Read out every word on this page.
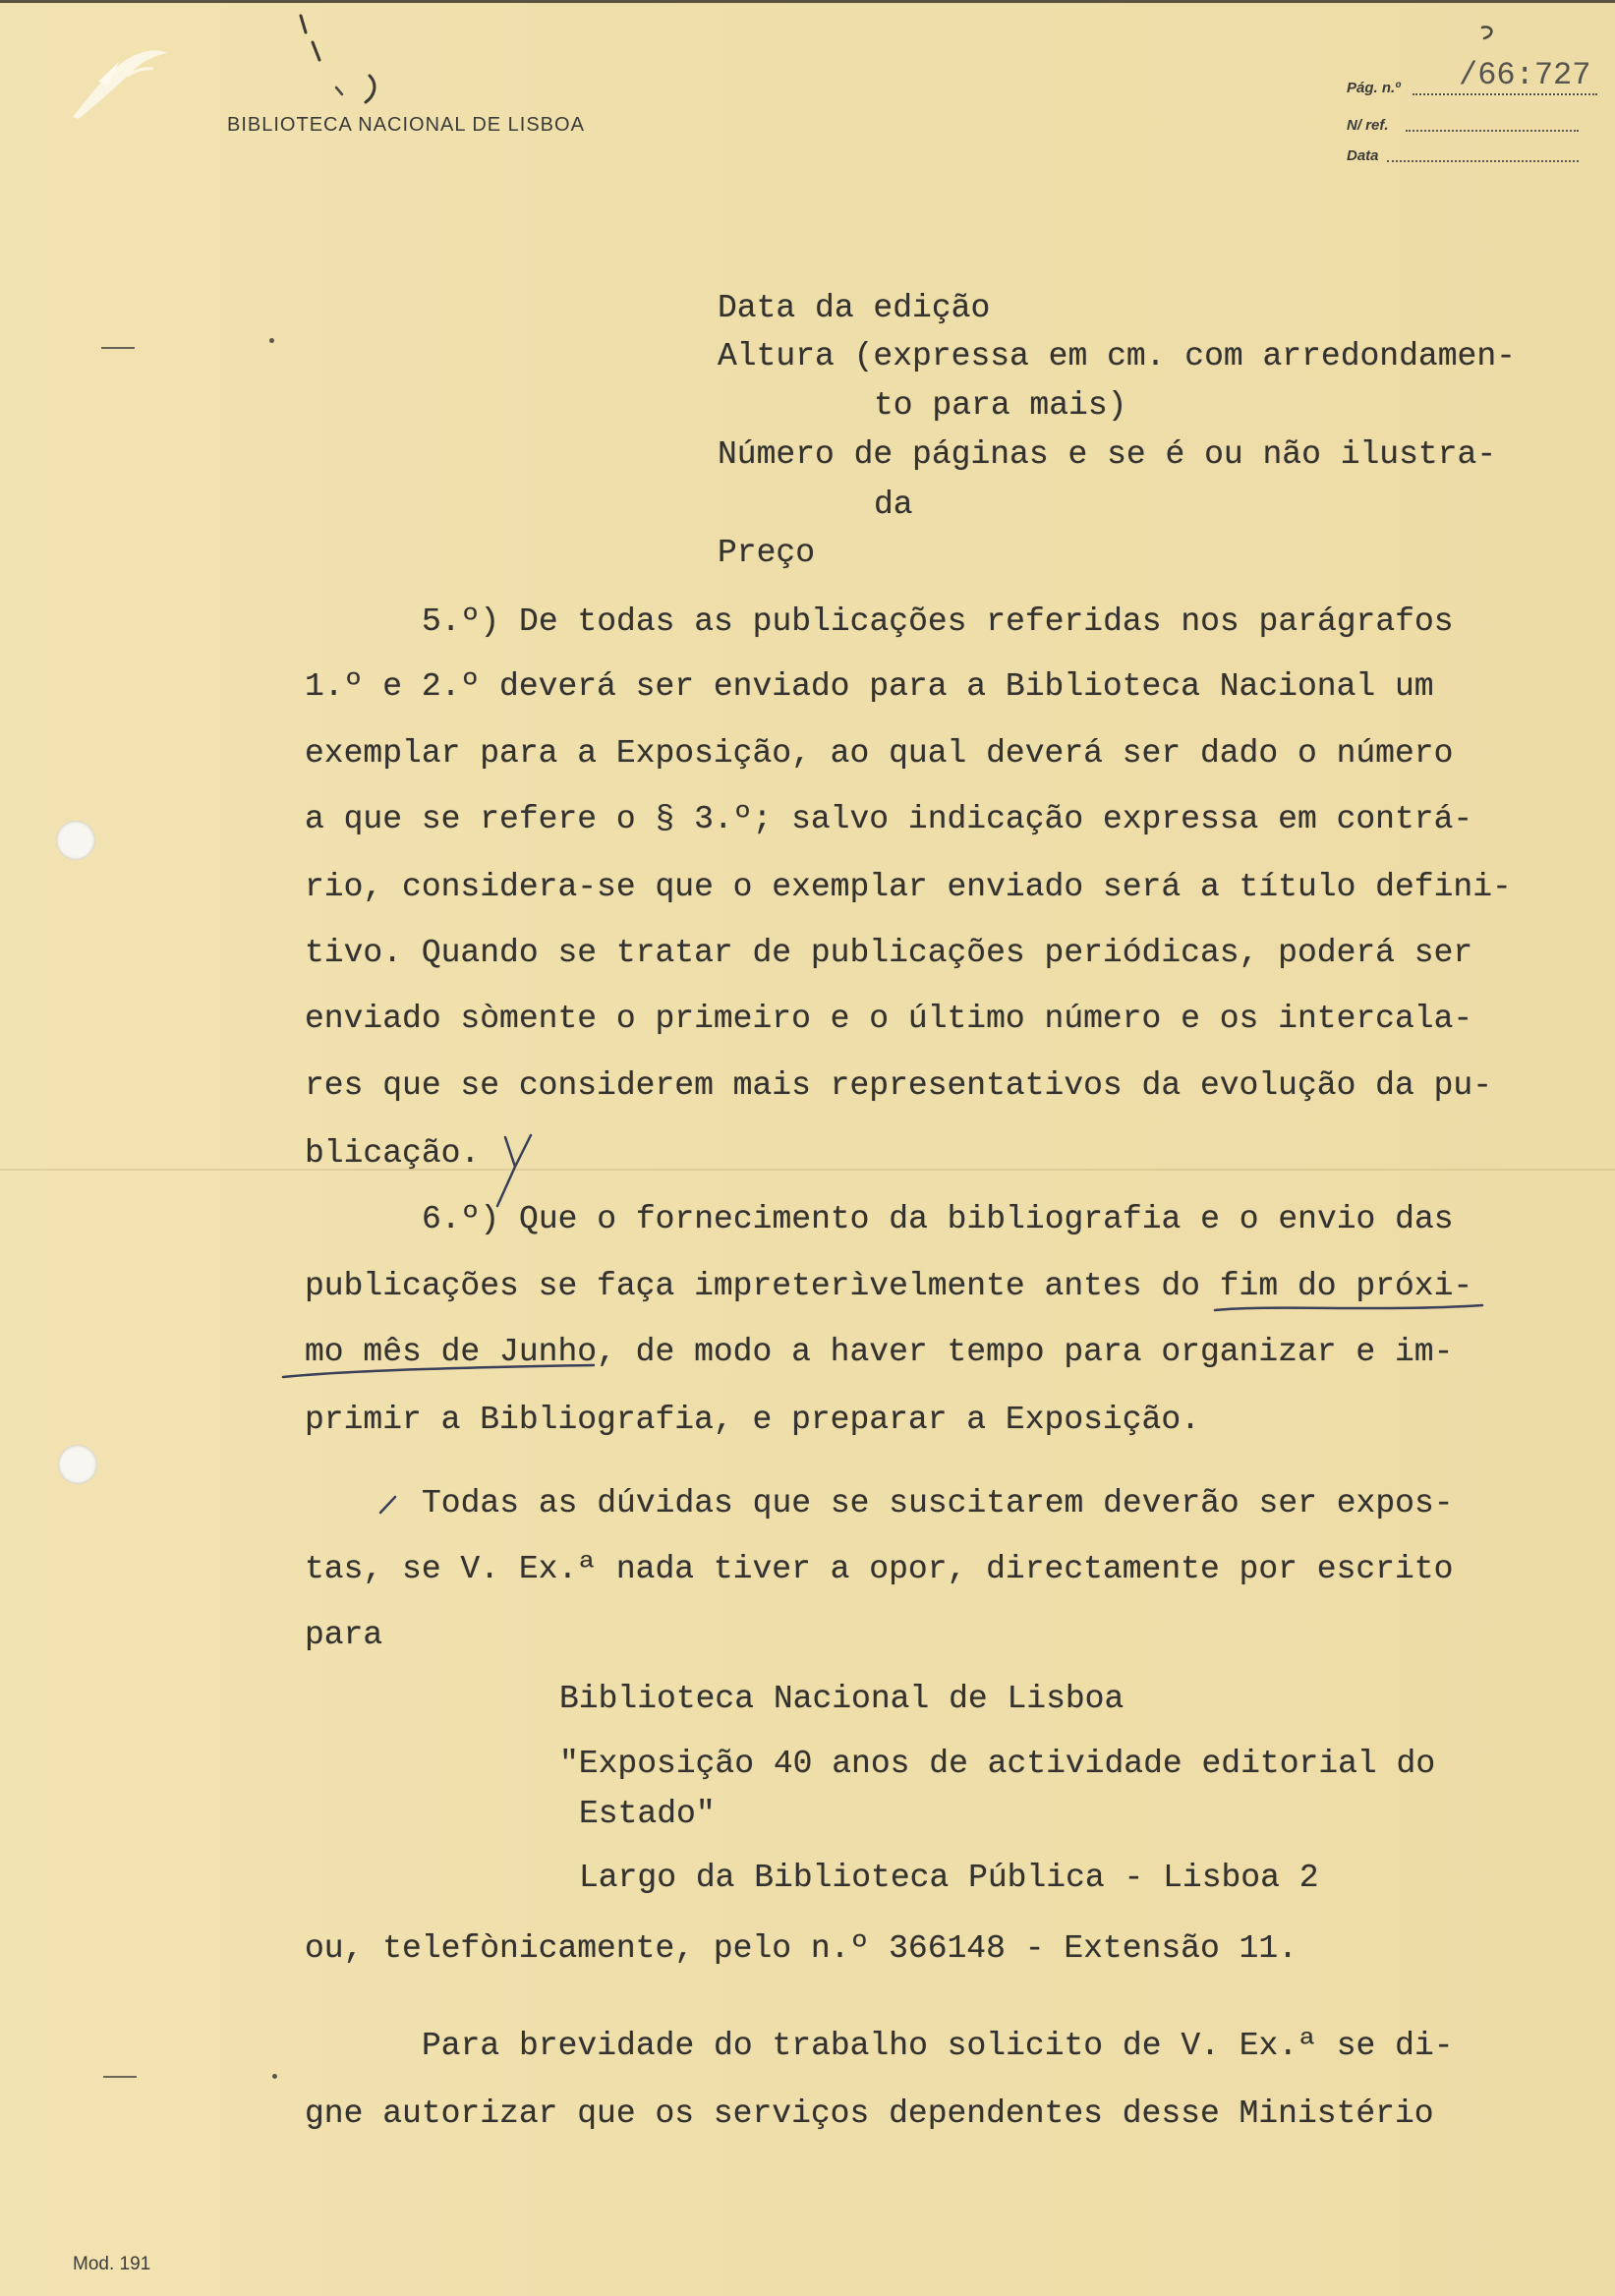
BIBLIOTECA NACIONAL DE LISBOA
Pág. n.º /66:727
N/ ref.
Data
Data da edição
Altura (expressa em cm. com arredondamen-
to para mais)
Número de páginas e se é ou não ilustra-
da
Preço
5.º) De todas as publicações referidas nos parágrafos
1.º e 2.º deverá ser enviado para a Biblioteca Nacional um
exemplar para a Exposição, ao qual deverá ser dado o número
a que se refere o § 3.º; salvo indicação expressa em contrá-
rio, considera-se que o exemplar enviado será a título defini-
tivo. Quando se tratar de publicações periódicas, poderá ser
enviado sòmente o primeiro e o último número e os intercala-
res que se considerem mais representativos da evolução da pu-
blicação.
6.º) Que o fornecimento da bibliografia e o envio das
publicações se faça impreterìvelmente antes do fim do próxi-
mo mês de Junho, de modo a haver tempo para organizar e im-
primir a Bibliografia, e preparar a Exposição.
Todas as dúvidas que se suscitarem deverão ser expos-
tas, se V. Ex.ª nada tiver a opor, directamente por escrito
para
Biblioteca Nacional de Lisboa
"Exposição 40 anos de actividade editorial do
Estado"
Largo da Biblioteca Pública - Lisboa 2
ou, telefònicamente, pelo n.º 366148 - Extensão 11.
Para brevidade do trabalho solicito de V. Ex.ª se di-
gne autorizar que os serviços dependentes desse Ministério
Mod. 191
